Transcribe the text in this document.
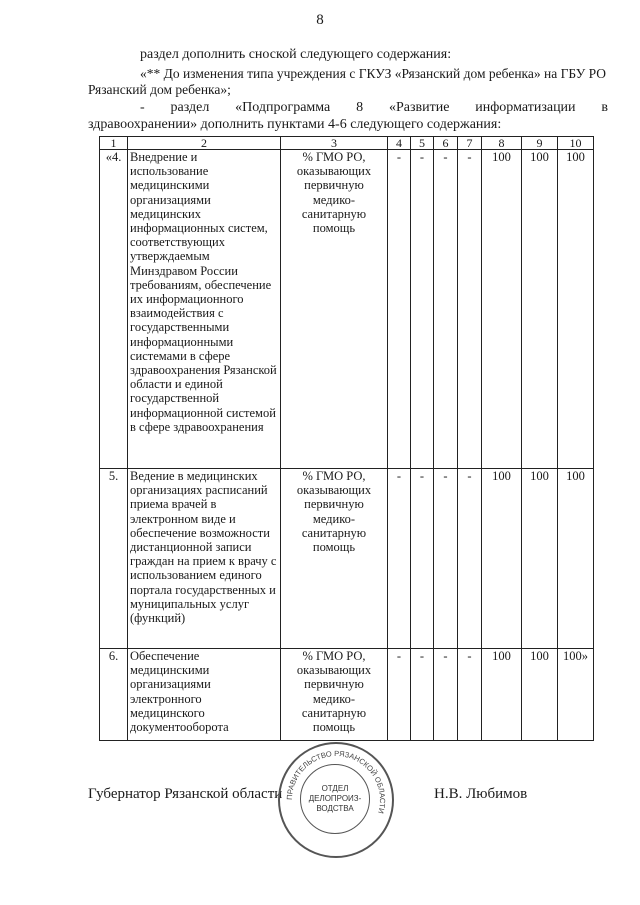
8
раздел дополнить сноской следующего содержания:
«** До изменения типа учреждения с ГКУЗ «Рязанский дом ребенка» на ГБУ РО
Рязанский дом ребенка»;
- раздел «Подпрограмма 8 «Развитие информатизации в
здравоохранении» дополнить пунктами 4-6 следующего содержания:
1	2	3	4	5	6	7	8	9	10
«4.	Внедрение и использование медицинскими организациями медицинских информационных систем, соответствующих утверждаемым Минздравом России требованиям, обеспечение их информационного взаимодействия с государственными информационными системами в сфере здравоохранения Рязанской области и единой государственной информационной системой в сфере здравоохранения	% ГМО РО, оказывающих первичную медико-санитарную помощь	-	-	-	-	100	100	100
5.	Ведение в медицинских организациях расписаний приема врачей в электронном виде и обеспечение возможности дистанционной записи граждан на прием к врачу с использованием единого портала государственных и муниципальных услуг (функций)	% ГМО РО, оказывающих первичную медико-санитарную помощь	-	-	-	-	100	100	100
6.	Обеспечение медицинскими организациями электронного медицинского документооборота	% ГМО РО, оказывающих первичную медико-санитарную помощь	-	-	-	-	100	100	100»
Губернатор Рязанской области	Н.В. Любимов
ПРАВИТЕЛЬСТВО РЯЗАНСКОЙ ОБЛАСТИ
ОТДЕЛ ДЕЛОПРОИЗ-ВОДСТВА
